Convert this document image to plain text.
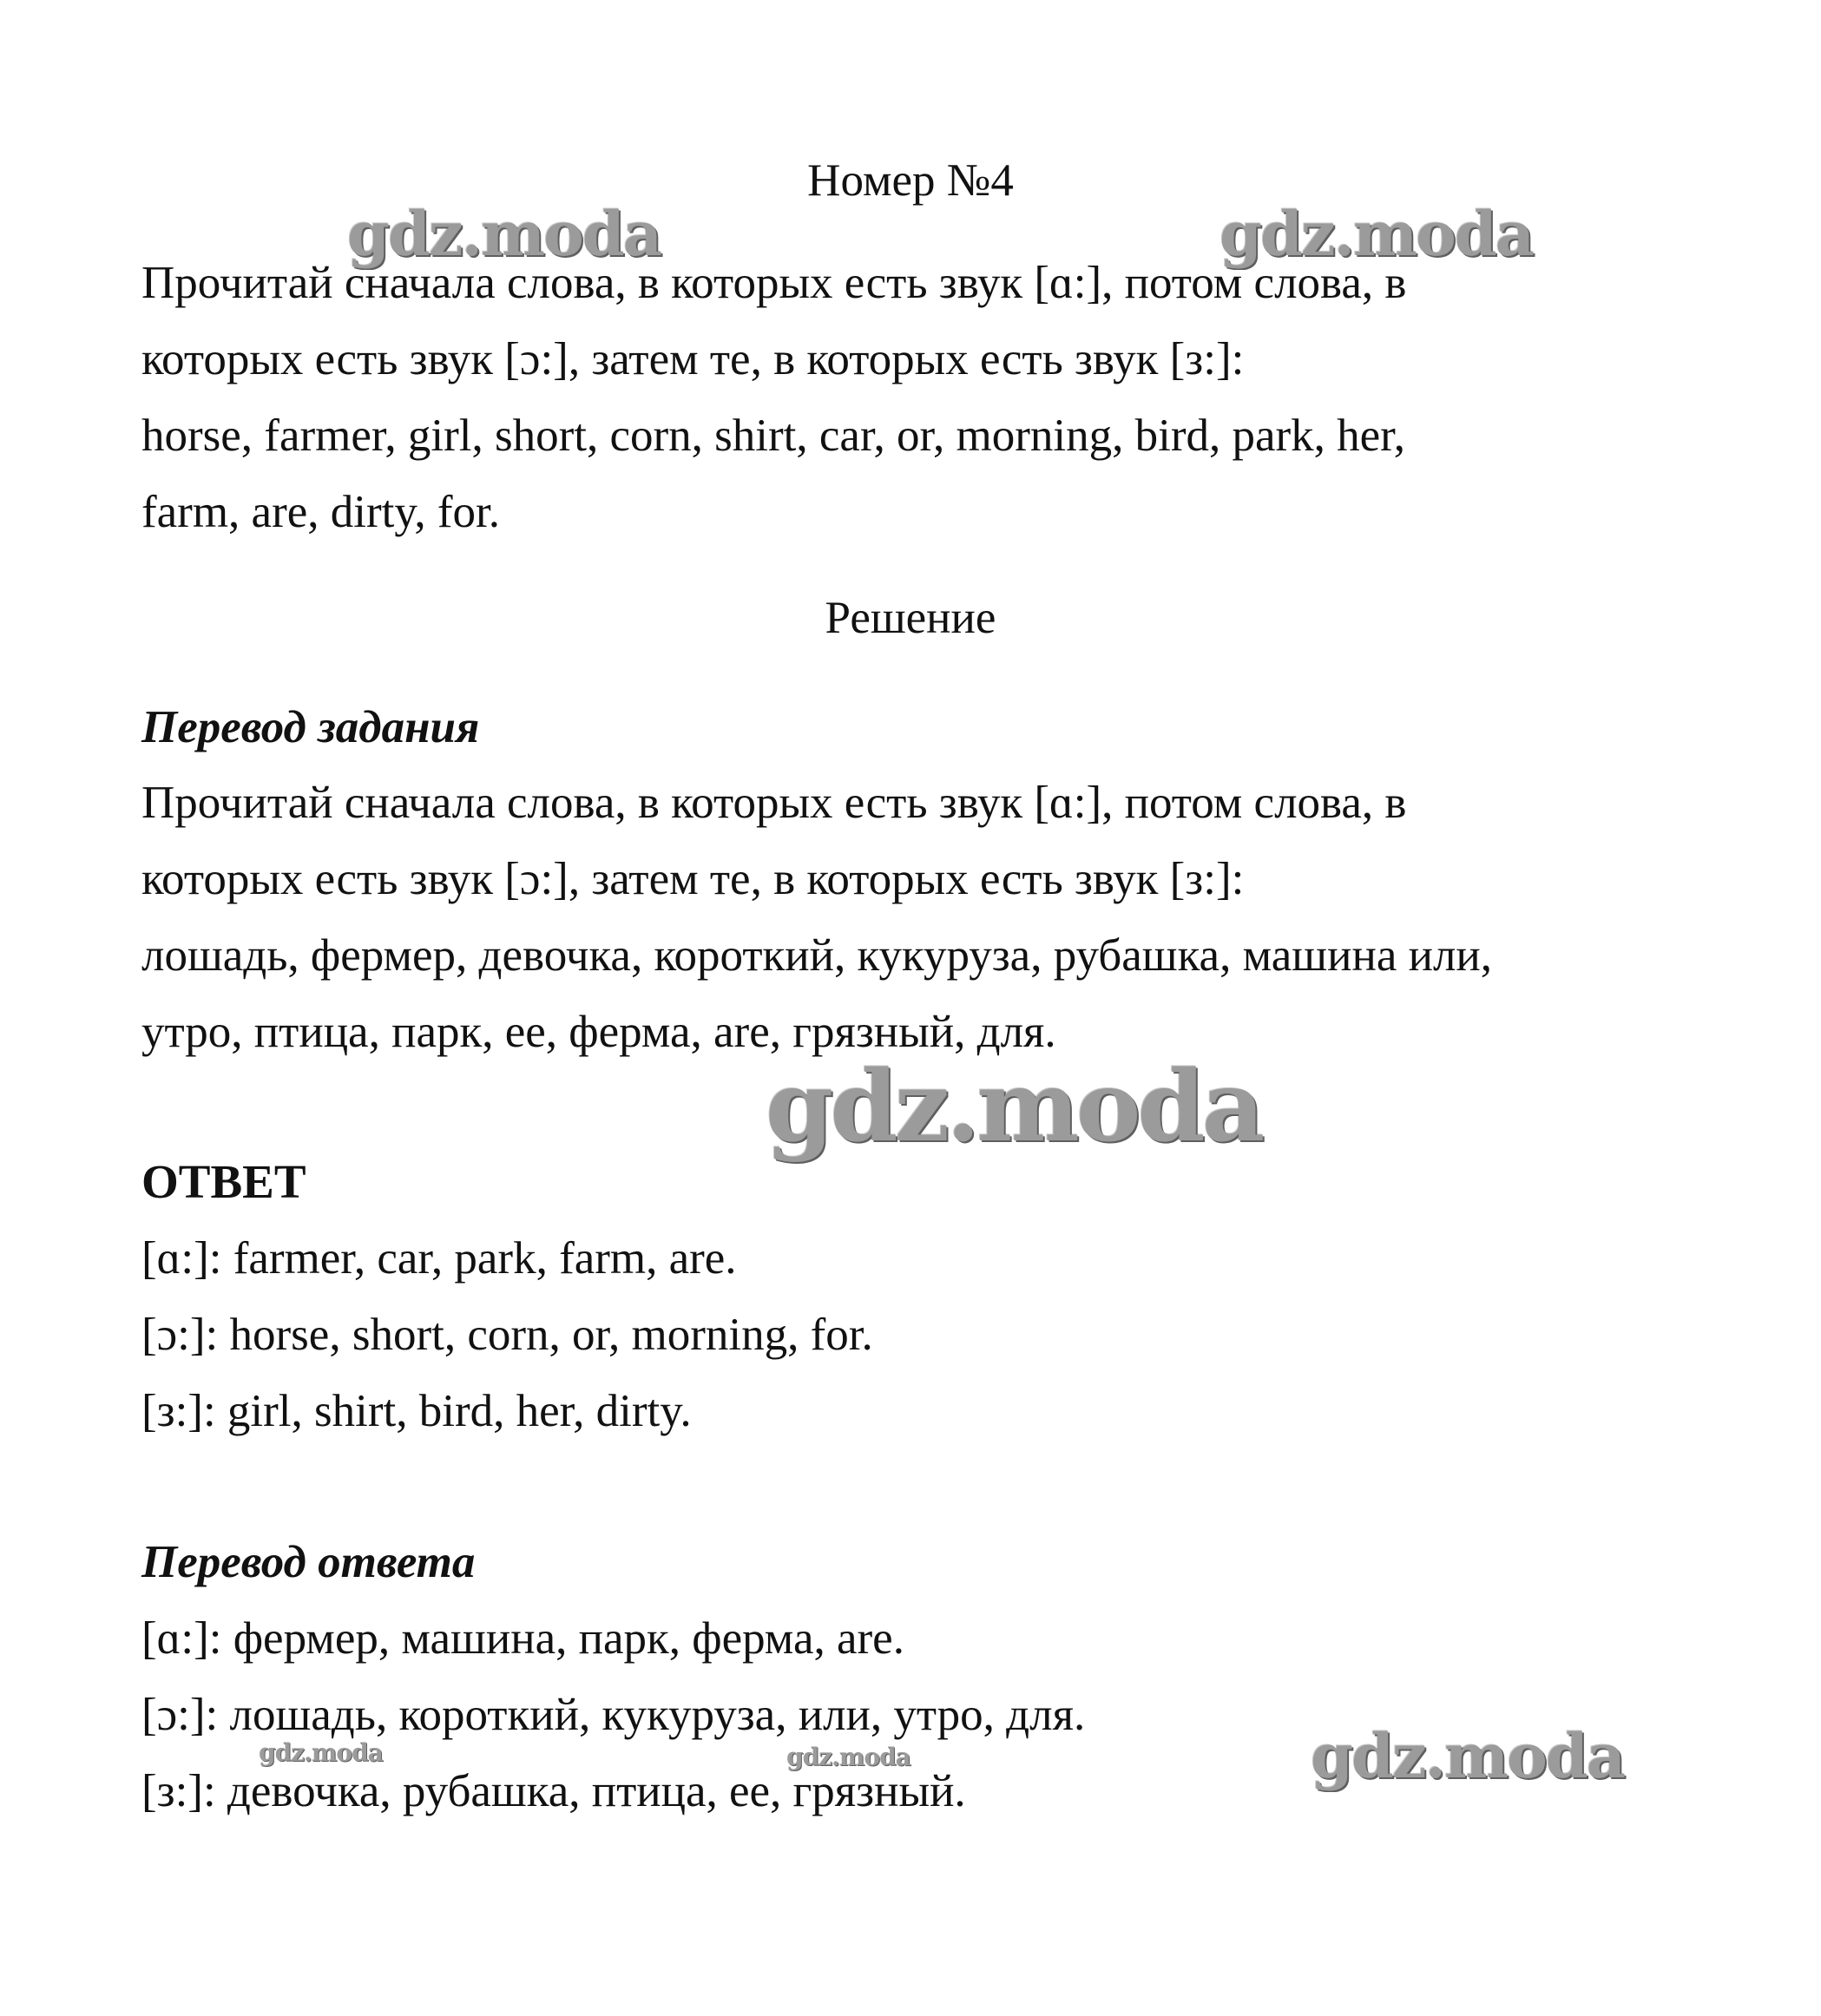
gdz.moda	gdz.moda
gdz.moda
gdz.moda
gdz.moda	gdz.moda

Номер №4

Прочитай сначала слова, в которых есть звук [ɑ:], потом слова, в

которых есть звук [ɔ:], затем те, в которых есть звук [з:]:

horse, farmer, girl, short, corn, shirt, car, or, morning, bird, park, her,

farm, are, dirty, for.

Решение

Перевод задания

Прочитай сначала слова, в которых есть звук [ɑ:], потом слова, в

которых есть звук [ɔ:], затем те, в которых есть звук [з:]:

лошадь, фермер, девочка, короткий, кукуруза, рубашка, машина или,

утро, птица, парк, ее, ферма, are, грязный, для.

ОТВЕТ

[ɑ:]: farmer, car, park, farm, are.

[ɔ:]: horse, short, corn, or, morning, for.

[з:]: girl, shirt, bird, her, dirty.

Перевод ответа

[ɑ:]: фермер, машина, парк, ферма, are.

[ɔ:]: лошадь, короткий, кукуруза, или, утро, для.

[з:]: девочка, рубашка, птица, ее, грязный.
